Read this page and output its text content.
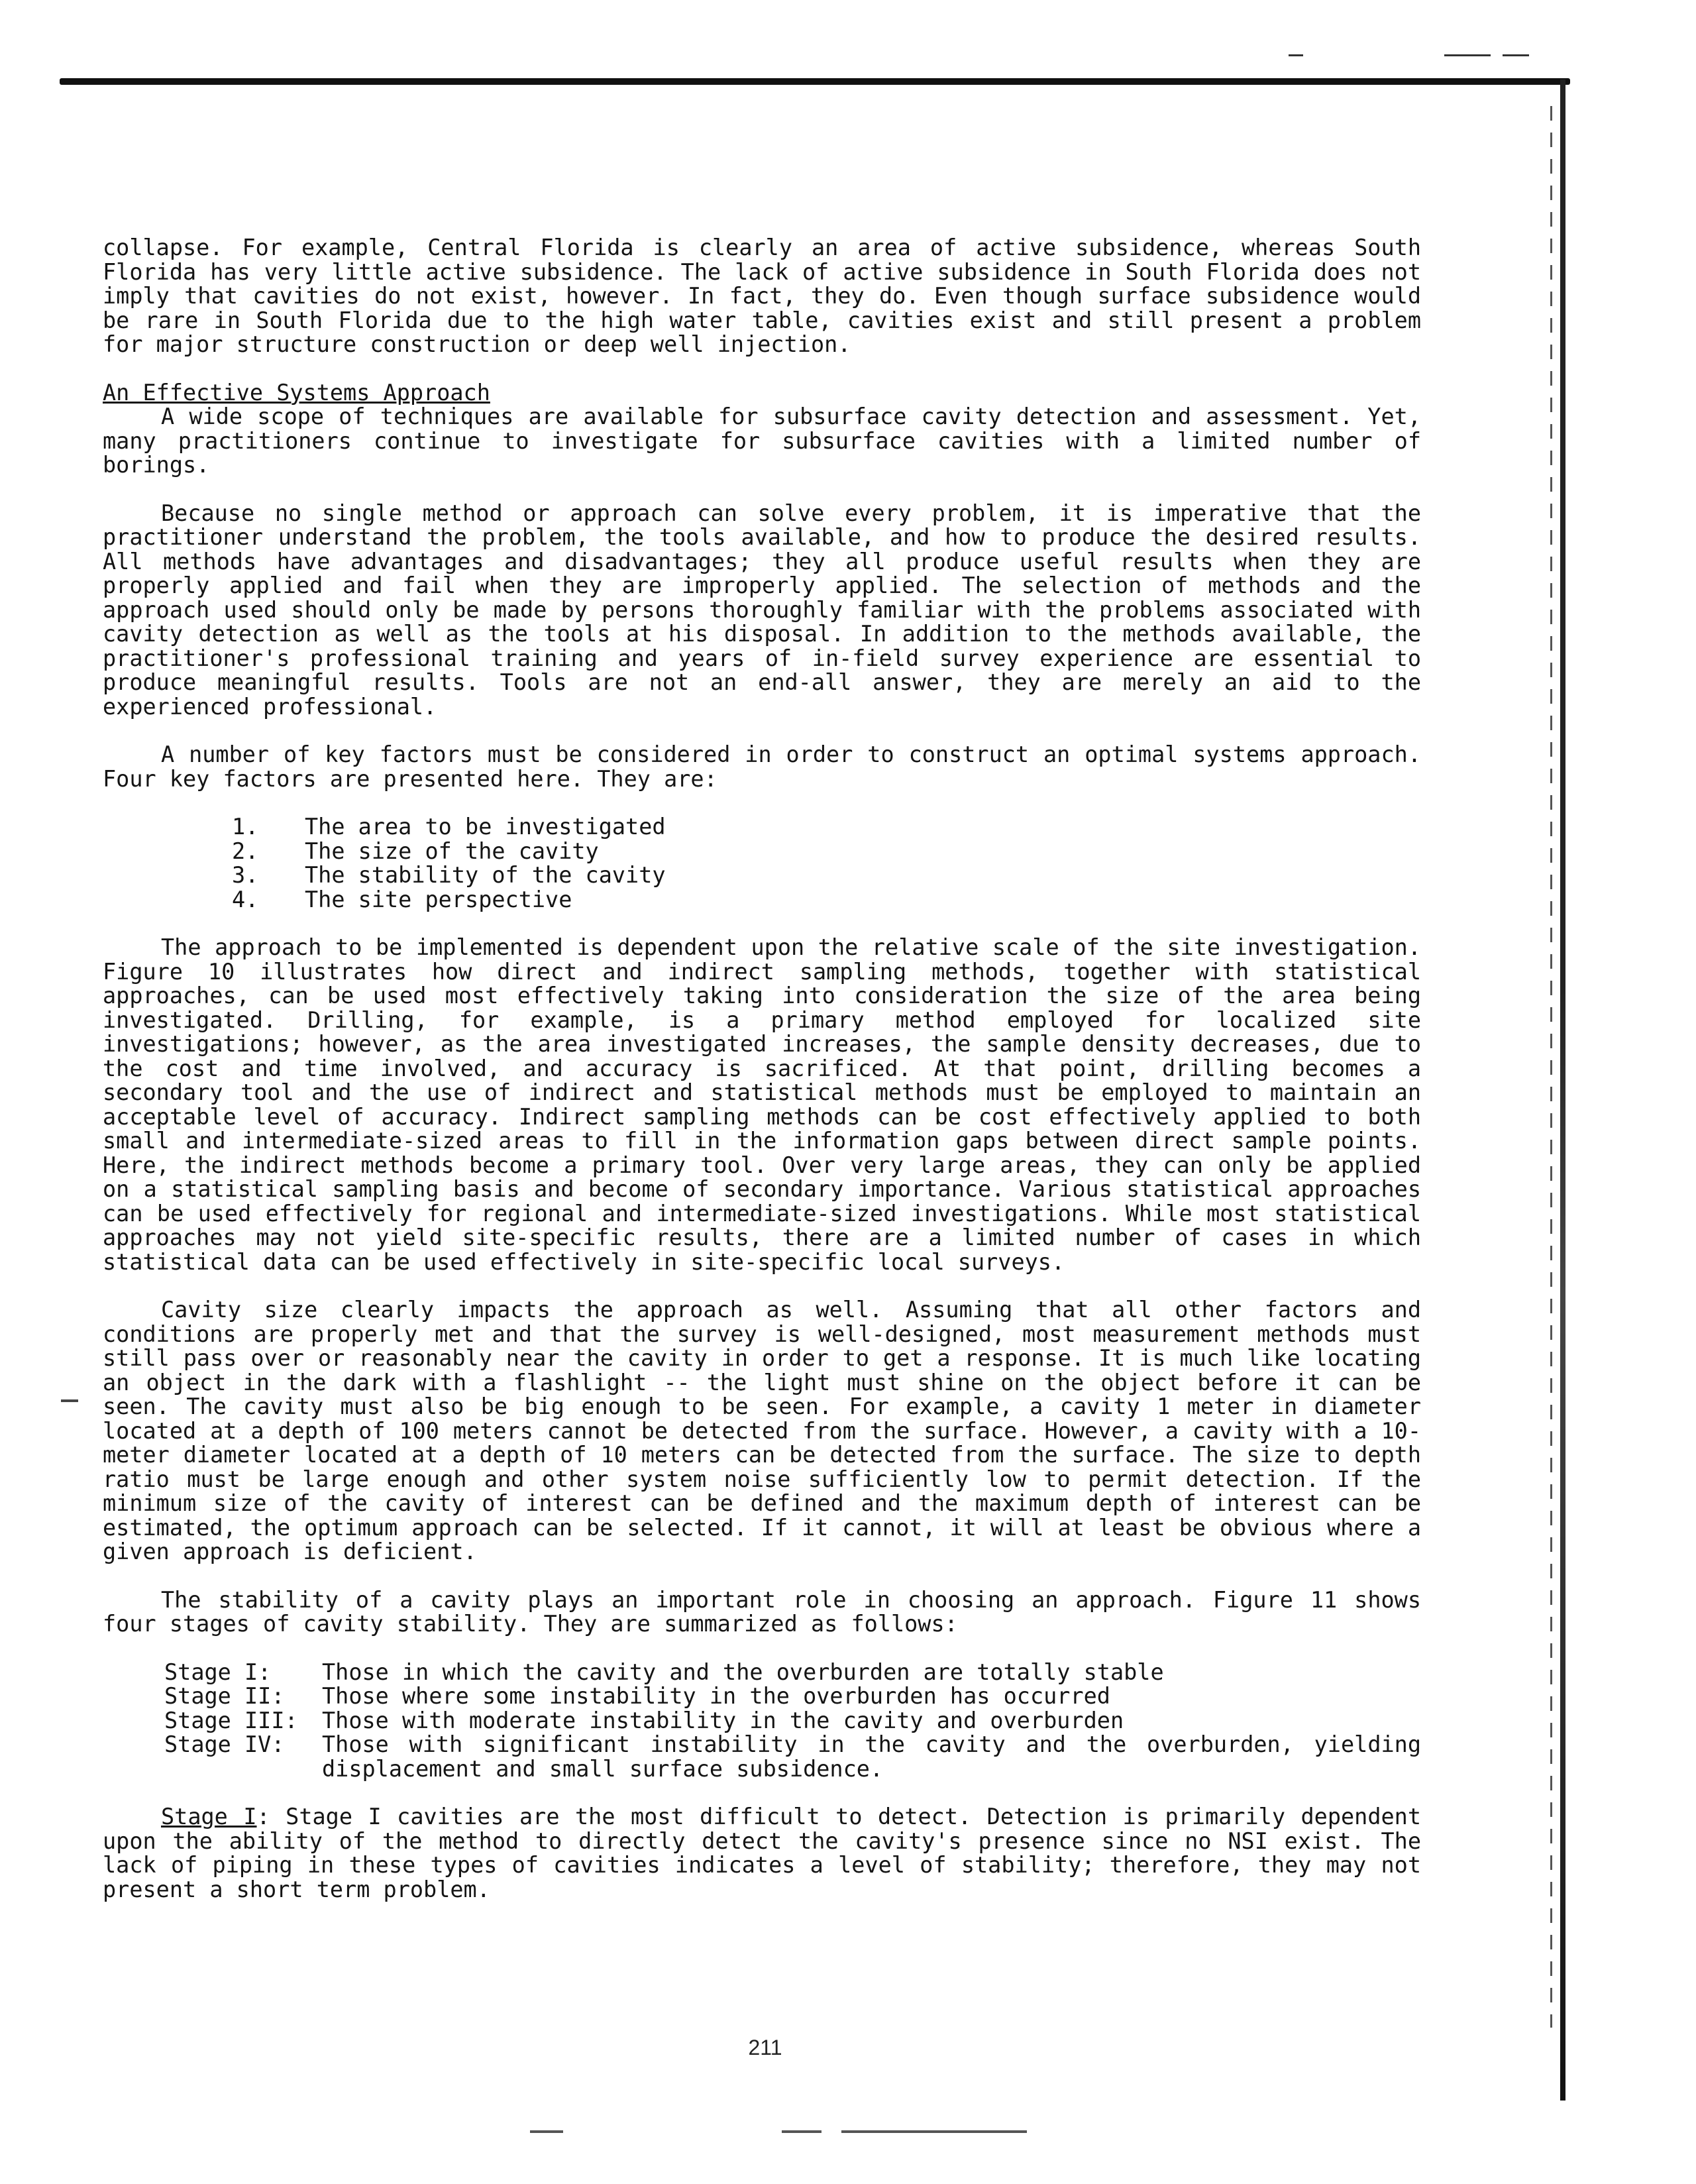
collapse. For example, Central Florida is clearly an area of active subsidence, whereas South Florida has very little active subsidence. The lack of active subsidence in South Florida does not imply that cavities do not exist, however. In fact, they do. Even though surface subsidence would be rare in South Florida due to the high water table, cavities exist and still present a problem for major structure construction or deep well injection.

An Effective Systems Approach

A wide scope of techniques are available for subsurface cavity detection and assessment. Yet, many practitioners continue to investigate for subsurface cavities with a limited number of borings.

Because no single method or approach can solve every problem, it is imperative that the practitioner understand the problem, the tools available, and how to produce the desired results. All methods have advantages and disadvantages; they all produce useful results when they are properly applied and fail when they are improperly applied. The selection of methods and the approach used should only be made by persons thoroughly familiar with the problems associated with cavity detection as well as the tools at his disposal. In addition to the methods available, the practitioner's professional training and years of in-field survey experience are essential to produce meaningful results. Tools are not an end-all answer, they are merely an aid to the experienced professional.

A number of key factors must be considered in order to construct an optimal systems approach. Four key factors are presented here. They are:

1.	The area to be investigated
2.	The size of the cavity
3.	The stability of the cavity
4.	The site perspective

The approach to be implemented is dependent upon the relative scale of the site investigation. Figure 10 illustrates how direct and indirect sampling methods, together with statistical approaches, can be used most effectively taking into consideration the size of the area being investigated. Drilling, for example, is a primary method employed for localized site investigations; however, as the area investigated increases, the sample density decreases, due to the cost and time involved, and accuracy is sacrificed. At that point, drilling becomes a secondary tool and the use of indirect and statistical methods must be employed to maintain an acceptable level of accuracy. Indirect sampling methods can be cost effectively applied to both small and intermediate-sized areas to fill in the information gaps between direct sample points. Here, the indirect methods become a primary tool. Over very large areas, they can only be applied on a statistical sampling basis and become of secondary importance. Various statistical approaches can be used effectively for regional and intermediate-sized investigations. While most statistical approaches may not yield site-specific results, there are a limited number of cases in which statistical data can be used effectively in site-specific local surveys.

Cavity size clearly impacts the approach as well. Assuming that all other factors and conditions are properly met and that the survey is well-designed, most measurement methods must still pass over or reasonably near the cavity in order to get a response. It is much like locating an object in the dark with a flashlight -- the light must shine on the object before it can be seen. The cavity must also be big enough to be seen. For example, a cavity 1 meter in diameter located at a depth of 100 meters cannot be detected from the surface. However, a cavity with a 10-meter diameter located at a depth of 10 meters can be detected from the surface. The size to depth ratio must be large enough and other system noise sufficiently low to permit detection. If the minimum size of the cavity of interest can be defined and the maximum depth of interest can be estimated, the optimum approach can be selected. If it cannot, it will at least be obvious where a given approach is deficient.

The stability of a cavity plays an important role in choosing an approach. Figure 11 shows four stages of cavity stability. They are summarized as follows:

Stage I:	Those in which the cavity and the overburden are totally stable
Stage II:	Those where some instability in the overburden has occurred
Stage III:	Those with moderate instability in the cavity and overburden
Stage IV:	Those with significant instability in the cavity and the overburden, yielding displacement and small surface subsidence.

Stage I: Stage I cavities are the most difficult to detect. Detection is primarily dependent upon the ability of the method to directly detect the cavity's presence since no NSI exist. The lack of piping in these types of cavities indicates a level of stability; therefore, they may not present a short term problem.

211
